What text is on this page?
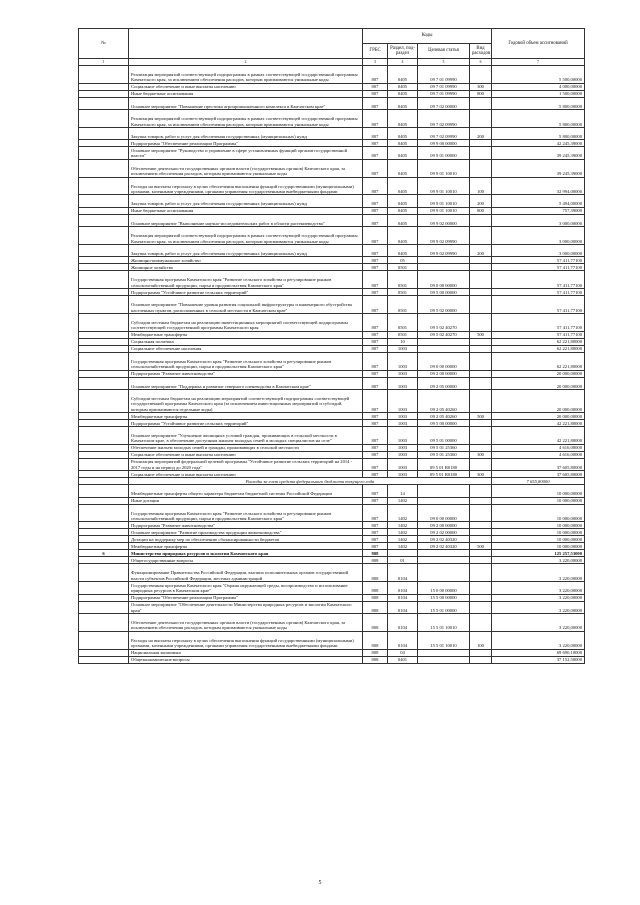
№		Коды				Годовой объем ассигнований
		ГРБС	Раздел, под-раздел	Целевая статья	Вид расходов	
1	2	3	4	5	6	7
	Реализация мероприятий соответствующей подпрограммы в рамках соответствующей государственной программы Камчатского края, за исключением обеспечения расходов, которым присваиваются уникальные коды	807	0405	09 7 01 09990		5 500,00000
	Социальное обеспечение и иные выплаты населению	807	0405	09 7 01 09990	300	4 000,00000
	Иные бюджетные ассигнования	807	0405	09 7 01 09990	800	1 500,00000
	Основное мероприятие "Повышение престижа агропромышленного комплекса в Камчатском крае"	807	0405	09 7 02 00000		5 800,00000
	Реализация мероприятий соответствующей подпрограммы в рамках соответствующей государственной программы Камчатского края, за исключением обеспечения расходов, которым присваиваются уникальные коды	807	0405	09 7 02 09990		5 800,00000
	Закупка товаров, работ и услуг для обеспечения государственных (муниципальных) нужд	807	0405	09 7 02 09990	200	5 800,00000
	Подпрограмма "Обеспечение реализации Программы"	807	0405	09 9 00 00000		42 245,39000
	Основное мероприятие "Руководство и управление в сфере установленных функций органов государственной власти"	807	0405	09 9 01 00000		39 245,39000
	Обеспечение деятельности государственных органов власти (государственных органов) Камчатского края, за исключением обеспечения расходов, которым присваиваются уникальные коды	807	0405	09 9 01 10010		39 245,39000
	Расходы на выплаты персоналу в целях обеспечения выполнения функций государственными (муниципальными) органами, казенными учреждениями, органами управления государственными внебюджетными фондами	807	0405	09 9 01 10010	100	32 994,00000
	Закупка товаров, работ и услуг для обеспечения государственных (муниципальных) нужд	807	0405	09 9 01 10010	200	5 494,00000
	Иные бюджетные ассигнования	807	0405	09 9 01 10010	800	757,39000
	Основное мероприятие "Выполнение научно-исследовательских работ в области растениеводства"	807	0405	09 9 02 00000		3 000,00000
	Реализация мероприятий соответствующей подпрограммы в рамках соответствующей государственной программы Камчатского края, за исключением обеспечения расходов, которым присваиваются уникальные коды	807	0405	09 9 02 09990		3 000,00000
	Закупка товаров, работ и услуг для обеспечения государственных (муниципальных) нужд	807	0405	09 9 02 09990	200	3 000,00000
	Жилищно-коммунальное хозяйство	807	05			57 411,77100
	Жилищное хозяйство	807	0501			57 411,77100
	Государственная программа Камчатского края "Развитие сельского хозяйства и регулирование рынков сельскохозяйственной продукции, сырья и продовольствия Камчатского края"	807	0501	09 0 00 00000		57 411,77100
	Подпрограмма "Устойчивое развитие сельских территорий"	807	0501	09 5 00 00000		57 411,77100
	Основное мероприятие "Повышение уровня развития социальной инфраструктуры и инженерного обустройства населенных пунктов, расположенных в сельской местности в Камчатском крае"	807	0501	09 5 02 00000		57 411,77100
	Субсидии местным бюджетам на реализацию инвестиционных мероприятий соответствующей подпрограммы соответствующей государственной программы Камчатского края	807	0501	09 5 02 40270		57 411,77100
	Межбюджетные трансферты	807	0501	09 5 02 40270	500	57 411,77100
	Социальная политика	807	10			62 221,80000
	Социальное обеспечение населения	807	1003			62 221,80000
	Государственная программа Камчатского края "Развитие сельского хозяйства и регулирование рынков сельскохозяйственной продукции, сырья и продовольствия Камчатского края"	807	1003	09 0 00 00000		62 221,80000
	Подпрограмма "Развитие животноводства"	807	1003	09 2 00 00000		20 000,00000
	Основное мероприятие "Поддержка и развитие северного оленеводства в Камчатском крае"	807	1003	09 2 05 00000		20 000,00000
	Субсидии местным бюджетам на реализацию мероприятий соответствующей подпрограммы соответствующей государственной программы Камчатского края (за исключением инвестиционных мероприятий и субсидий, которым присваиваются отдельные коды)	807	1003	09 2 05 40260		20 000,00000
	Межбюджетные трансферты	807	1003	09 2 05 40260	500	20 000,00000
	Подпрограмма "Устойчивое развитие сельских территорий"	807	1003	09 5 00 00000		42 221,80000
	Основное мероприятие "Улучшение жилищных условий граждан, проживающих в сельской местности в Камчатском крае, в обеспечение доступным жильем молодых семей и молодых специалистов на селе"	807	1003	09 5 01 00000		42 221,80000
	Обеспечение жильем молодых семей и граждан, проживающих в сельской местности	807	1003	09 5 01 25360		4 616,00000
	Социальное обеспечение и иные выплаты населению	807	1003	09 5 01 25360	300	4 616,00000
	Реализация мероприятий федеральной целевой программы "Устойчивое развитие сельских территорий на 2014 - 2017 годы и на период до 2020 года"	807	1003	09 5 01 R0180		37 605,80000
	Социальное обеспечение и иные выплаты населению	807	1003	09 5 01 R0180	300	37 605,80000
	Расходы за счет средств федерального бюджета текущего года					7 655,80000
	Межбюджетные трансферты общего характера бюджетам бюджетной системы Российской Федерации	807	14			10 000,00000
	Иные дотации	807	1402			10 000,00000
	Государственная программа Камчатского края "Развитие сельского хозяйства и регулирование рынков сельскохозяйственной продукции, сырья и продовольствия Камчатского края"	807	1402	09 0 00 00000		10 000,00000
	Подпрограмма "Развитие животноводства"	807	1402	09 2 00 00000		10 000,00000
	Основное мероприятие "Развитие производства продукции животноводства"	807	1402	09 2 02 00000		10 000,00000
	Дотации на поддержку мер по обеспечению сбалансированности бюджетов	807	1402	09 2 02 40320		10 000,00000
	Межбюджетные трансферты	807	1402	09 2 02 40320	500	10 000,00000
6	Министерство природных ресурсов и экологии Камчатского края	808				125 257,53000
	Общегосударственные вопросы	808	01			3 220,00000
	Функционирование Правительства Российской Федерации, высших исполнительных органов государственной власти субъектов Российской Федерации, местных администраций	808	0104			3 220,00000
	Государственная программа Камчатского края "Охрана окружающей среды, воспроизводство и использование природных ресурсов в Камчатском крае"	808	0104	15 0 00 00000		3 220,00000
	Подпрограмма "Обеспечение реализации Программы"	808	0104	15 5 00 00000		3 220,00000
	Основное мероприятие "Обеспечение деятельности Министерства природных ресурсов и экологии Камчатского края"	808	0104	15 5 01 00000		3 220,00000
	Обеспечение деятельности государственных органов власти (государственных органов) Камчатского края, за исключением обеспечения расходов, которым присваиваются уникальные коды	808	0104	15 5 01 10010		3 220,00000
	Расходы на выплаты персоналу в целях обеспечения выполнения функций государственными (муниципальными) органами, казенными учреждениями, органами управления государственными внебюджетными фондами	808	0104	15 5 01 10010	100	3 220,00000
	Национальная экономика	808	04			69 690,10000
	Общеэкономические вопросы	808	0401			37 152,50000
5
